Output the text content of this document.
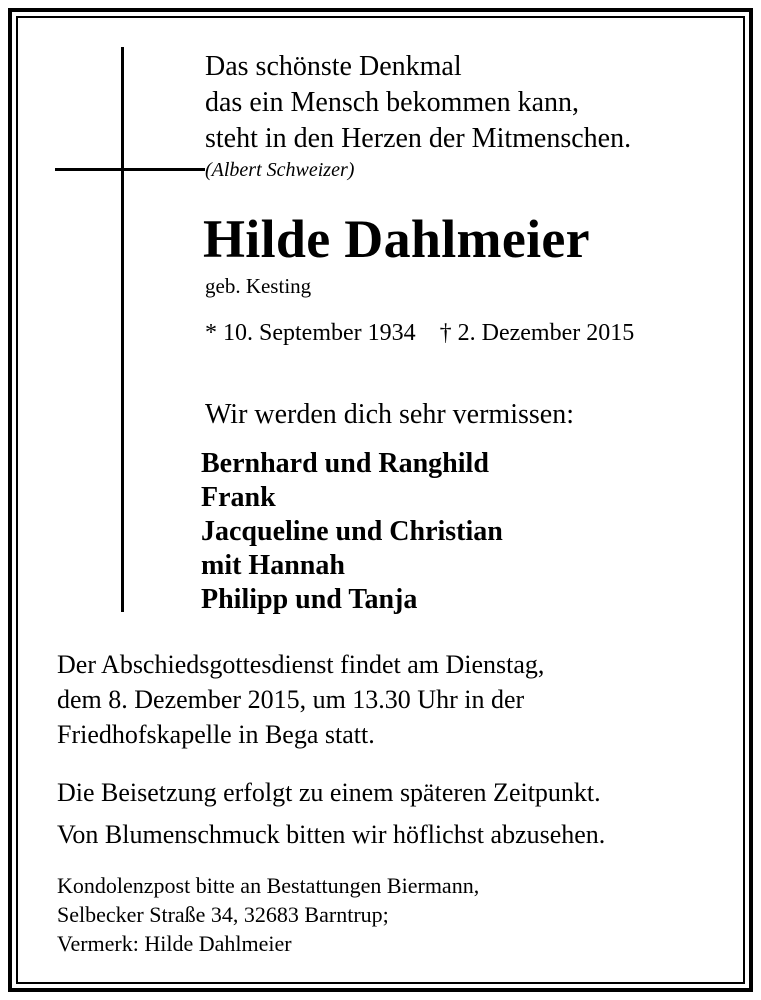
Das schönste Denkmal
das ein Mensch bekommen kann,
steht in den Herzen der Mitmenschen.
(Albert Schweizer)
Hilde Dahlmeier
geb. Kesting
* 10. September 1934 † 2. Dezember 2015
Wir werden dich sehr vermissen:
Bernhard und Ranghild
Frank
Jacqueline und Christian
mit Hannah
Philipp und Tanja
Der Abschiedsgottesdienst findet am Dienstag,
dem 8. Dezember 2015, um 13.30 Uhr in der
Friedhofskapelle in Bega statt.
Die Beisetzung erfolgt zu einem späteren Zeitpunkt.
Von Blumenschmuck bitten wir höflichst abzusehen.
Kondolenzpost bitte an Bestattungen Biermann,
Selbecker Straße 34, 32683 Barntrup;
Vermerk: Hilde Dahlmeier
